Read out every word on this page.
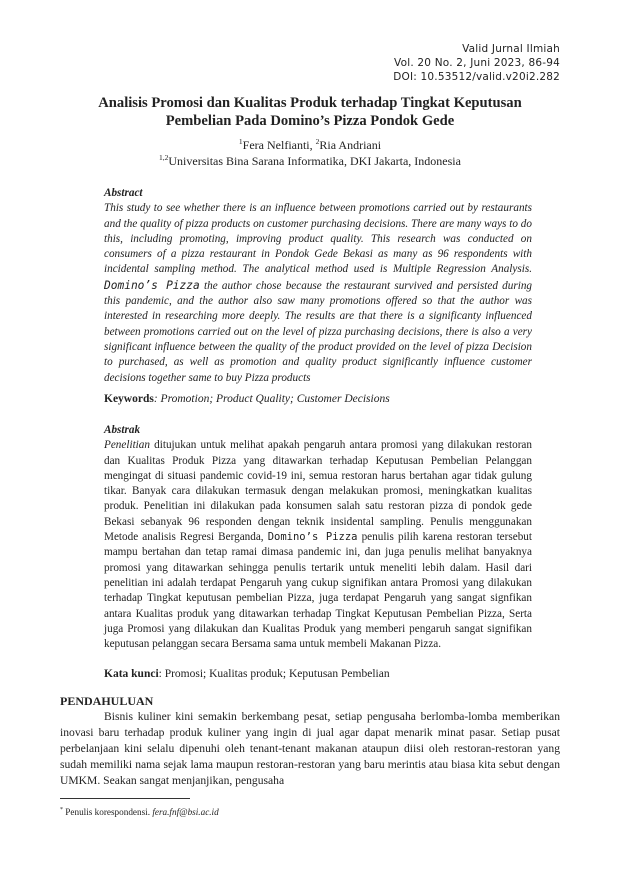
Valid Jurnal Ilmiah
Vol. 20 No. 2, Juni 2023, 86-94
DOI: 10.53512/valid.v20i2.282
Analisis Promosi dan Kualitas Produk terhadap Tingkat Keputusan
Pembelian Pada Domino’s Pizza Pondok Gede
$^1$Fera Nelfianti, $^2$Ria Andriani
$^{1,2}$Universitas Bina Sarana Informatika, DKI Jakarta, Indonesia
Abstract

This study to see whether there is an influence between promotions carried out by restaurants and the quality of pizza products on customer purchasing decisions. There are many ways to do this, including promoting, improving product quality. This research was conducted on consumers of a pizza restaurant in Pondok Gede Bekasi as many as 96 respondents with incidental sampling method. The analytical method used is Multiple Regression Analysis. Domino’s Pizza the author chose because the restaurant survived and persisted during this pandemic, and the author also saw many promotions offered so that the author was interested in researching more deeply. The results are that there is a significanty influenced between promotions carried out on the level of pizza purchasing decisions, there is also a very significant influence between the quality of the product provided on the level of pizza Decision to purchased, as well as promotion and quality product significantly influence customer decisions together same to buy Pizza products

Keywords: Promotion; Product Quality; Customer Decisions
Abstrak

Penelitian ditujukan untuk melihat apakah pengaruh antara promosi yang dilakukan restoran dan Kualitas Produk Pizza yang ditawarkan terhadap Keputusan Pembelian Pelanggan mengingat di situasi pandemic covid-19 ini, semua restoran harus bertahan agar tidak gulung tikar. Banyak cara dilakukan termasuk dengan melakukan promosi, meningkatkan kualitas produk. Penelitian ini dilakukan pada konsumen salah satu restoran pizza di pondok gede Bekasi sebanyak 96 responden dengan teknik insidental sampling. Penulis menggunakan Metode analisis Regresi Berganda, Domino’s Pizza penulis pilih karena restoran tersebut mampu bertahan dan tetap ramai dimasa pandemic ini, dan juga penulis melihat banyaknya promosi yang ditawarkan sehingga penulis tertarik untuk meneliti lebih dalam. Hasil dari penelitian ini adalah terdapat Pengaruh yang cukup signifikan antara Promosi yang dilakukan terhadap Tingkat keputusan pembelian Pizza, juga terdapat Pengaruh yang sangat signfikan antara Kualitas produk yang ditawarkan terhadap Tingkat Keputusan Pembelian Pizza, Serta juga Promosi yang dilakukan dan Kualitas Produk yang memberi pengaruh sangat signifikan keputusan pelanggan secara Bersama sama untuk membeli Makanan Pizza.

Kata kunci: Promosi; Kualitas produk; Keputusan Pembelian
PENDAHULUAN

Bisnis kuliner kini semakin berkembang pesat, setiap pengusaha berlomba-lomba memberikan inovasi baru terhadap produk kuliner yang ingin di jual agar dapat menarik minat pasar. Setiap pusat perbelanjaan kini selalu dipenuhi oleh tenant-tenant makanan ataupun diisi oleh restoran-restoran yang sudah memiliki nama sejak lama maupun restoran-restoran yang baru merintis atau biasa kita sebut dengan UMKM. Seakan sangat menjanjikan, pengusaha

* Penulis korespondensi. fera.fnf@bsi.ac.id
